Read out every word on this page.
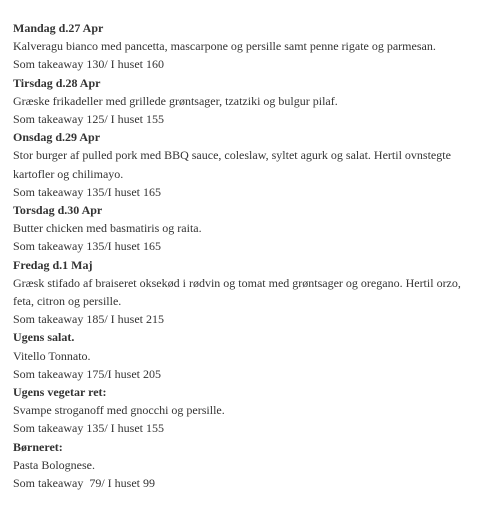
Mandag d.27 Apr

Kalveragu bianco med pancetta, mascarpone og persille samt penne rigate og parmesan.

Som takeaway 130/ I huset 160

Tirsdag d.28 Apr

Græske frikadeller med grillede grøntsager, tzatziki og bulgur pilaf.

Som takeaway 125/ I huset 155

Onsdag d.29 Apr

Stor burger af pulled pork med BBQ sauce, coleslaw, syltet agurk og salat. Hertil ovnstegte

kartofler og chilimayo.

Som takeaway 135/I huset 165

Torsdag d.30 Apr

Butter chicken med basmatiris og raita.

Som takeaway 135/I huset 165

Fredag d.1 Maj

Græsk stifado af braiseret oksekød i rødvin og tomat med grøntsager og oregano. Hertil orzo,

feta, citron og persille.

Som takeaway 185/ I huset 215

Ugens salat.

Vitello Tonnato.

Som takeaway 175/I huset 205

Ugens vegetar ret:

Svampe stroganoff med gnocchi og persille.

Som takeaway 135/ I huset 155

Børneret:

Pasta Bolognese.

Som takeaway  79/ I huset 99
